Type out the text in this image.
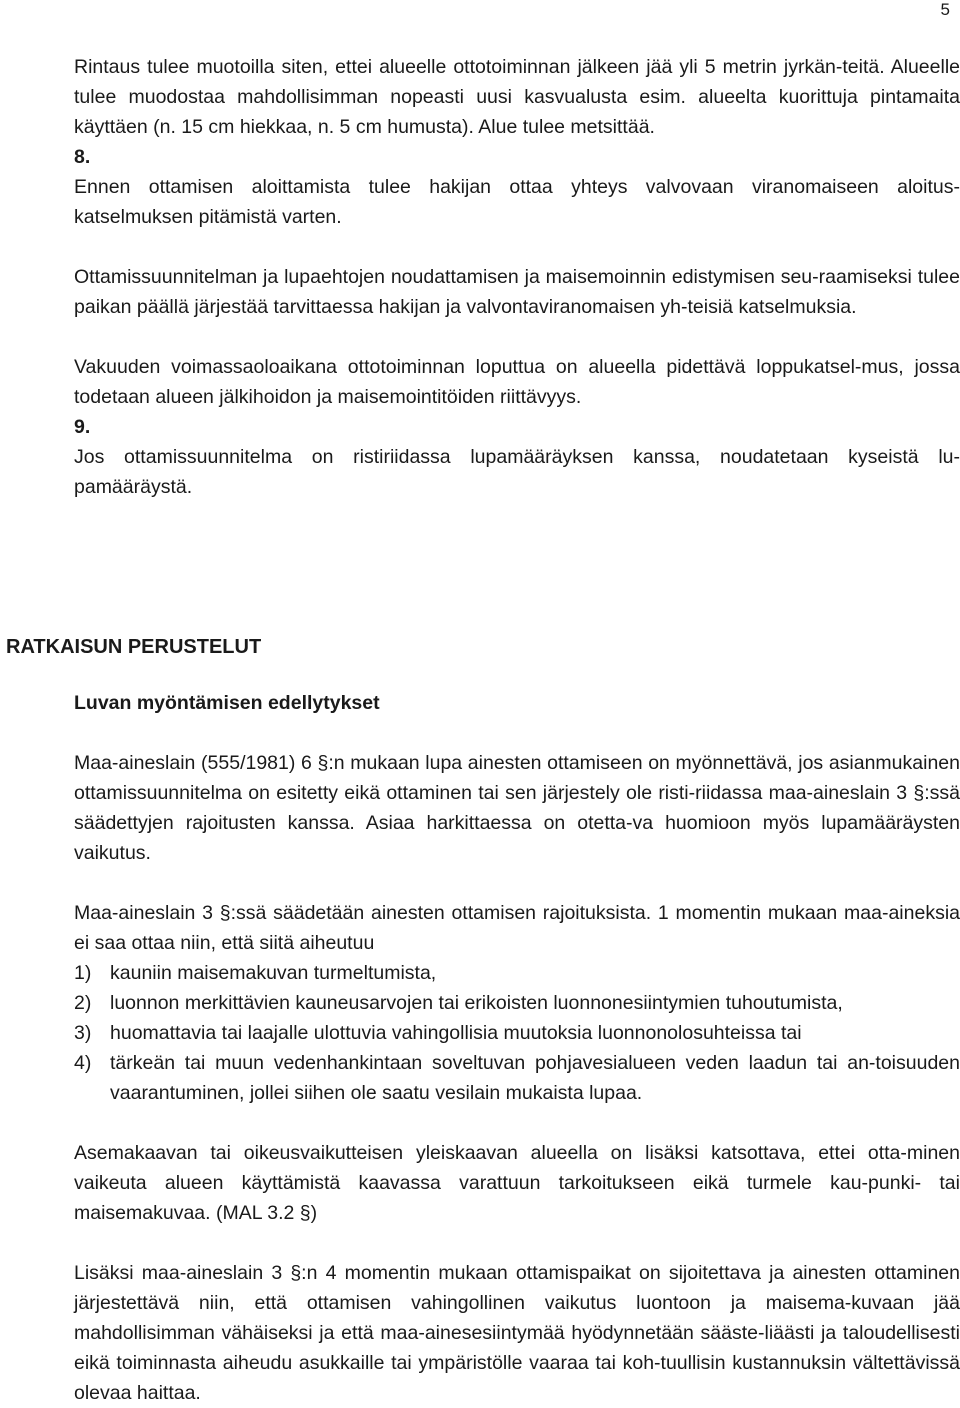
5

Rintaus tulee muotoilla siten, ettei alueelle ottotoiminnan jälkeen jää yli 5 metrin jyrkän-teitä. Alueelle tulee muodostaa mahdollisimman nopeasti uusi kasvualusta esim. alueelta kuorittuja pintamaita käyttäen (n. 15 cm hiekkaa, n. 5 cm humusta). Alue tulee metsittää.

8.

Ennen ottamisen aloittamista tulee hakijan ottaa yhteys valvovaan viranomaiseen aloitus-katselmuksen pitämistä varten.

Ottamissuunnitelman ja lupaehtojen noudattamisen ja maisemoinnin edistymisen seu-raamiseksi tulee paikan päällä järjestää tarvittaessa hakijan ja valvontaviranomaisen yh-teisiä katselmuksia.

Vakuuden voimassaoloaikana ottotoiminnan loputtua on alueella pidettävä loppukatsel-mus, jossa todetaan alueen jälkihoidon ja maisemointitöiden riittävyys.

9.

Jos ottamissuunnitelma on ristiriidassa lupamääräyksen kanssa, noudatetaan kyseistä lu-pamääräystä.

RATKAISUN PERUSTELUT
Luvan myöntämisen edellytykset

Maa-aineslain (555/1981) 6 §:n mukaan lupa ainesten ottamiseen on myönnettävä, jos asianmukainen ottamissuunnitelma on esitetty eikä ottaminen tai sen järjestely ole risti-riidassa maa-aineslain 3 §:ssä säädettyjen rajoitusten kanssa. Asiaa harkittaessa on otetta-va huomioon myös lupamääräysten vaikutus.

Maa-aineslain 3 §:ssä säädetään ainesten ottamisen rajoituksista. 1 momentin mukaan maa-aineksia ei saa ottaa niin, että siitä aiheutuu

1) kauniin maisemakuvan turmeltumista,
2) luonnon merkittävien kauneusarvojen tai erikoisten luonnonesiintymien tuhoutumista,
3) huomattavia tai laajalle ulottuvia vahingollisia muutoksia luonnonolosuhteissa tai
4) tärkeän tai muun vedenhankintaan soveltuvan pohjavesialueen veden laadun tai an-toisuuden vaarantuminen, jollei siihen ole saatu vesilain mukaista lupaa.

Asemakaavan tai oikeusvaikutteisen yleiskaavan alueella on lisäksi katsottava, ettei otta-minen vaikeuta alueen käyttämistä kaavassa varattuun tarkoitukseen eikä turmele kau-punki- tai maisemakuvaa. (MAL 3.2 §)

Lisäksi maa-aineslain 3 §:n 4 momentin mukaan ottamispaikat on sijoitettava ja ainesten ottaminen järjestettävä niin, että ottamisen vahingollinen vaikutus luontoon ja maisema-kuvaan jää mahdollisimman vähäiseksi ja että maa-ainesesiintymää hyödynnetään säästе-liäästi ja taloudellisesti eikä toiminnasta aiheudu asukkaille tai ympäristölle vaaraa tai koh-tuullisin kustannuksin vältettävissä olevaa haittaa.
